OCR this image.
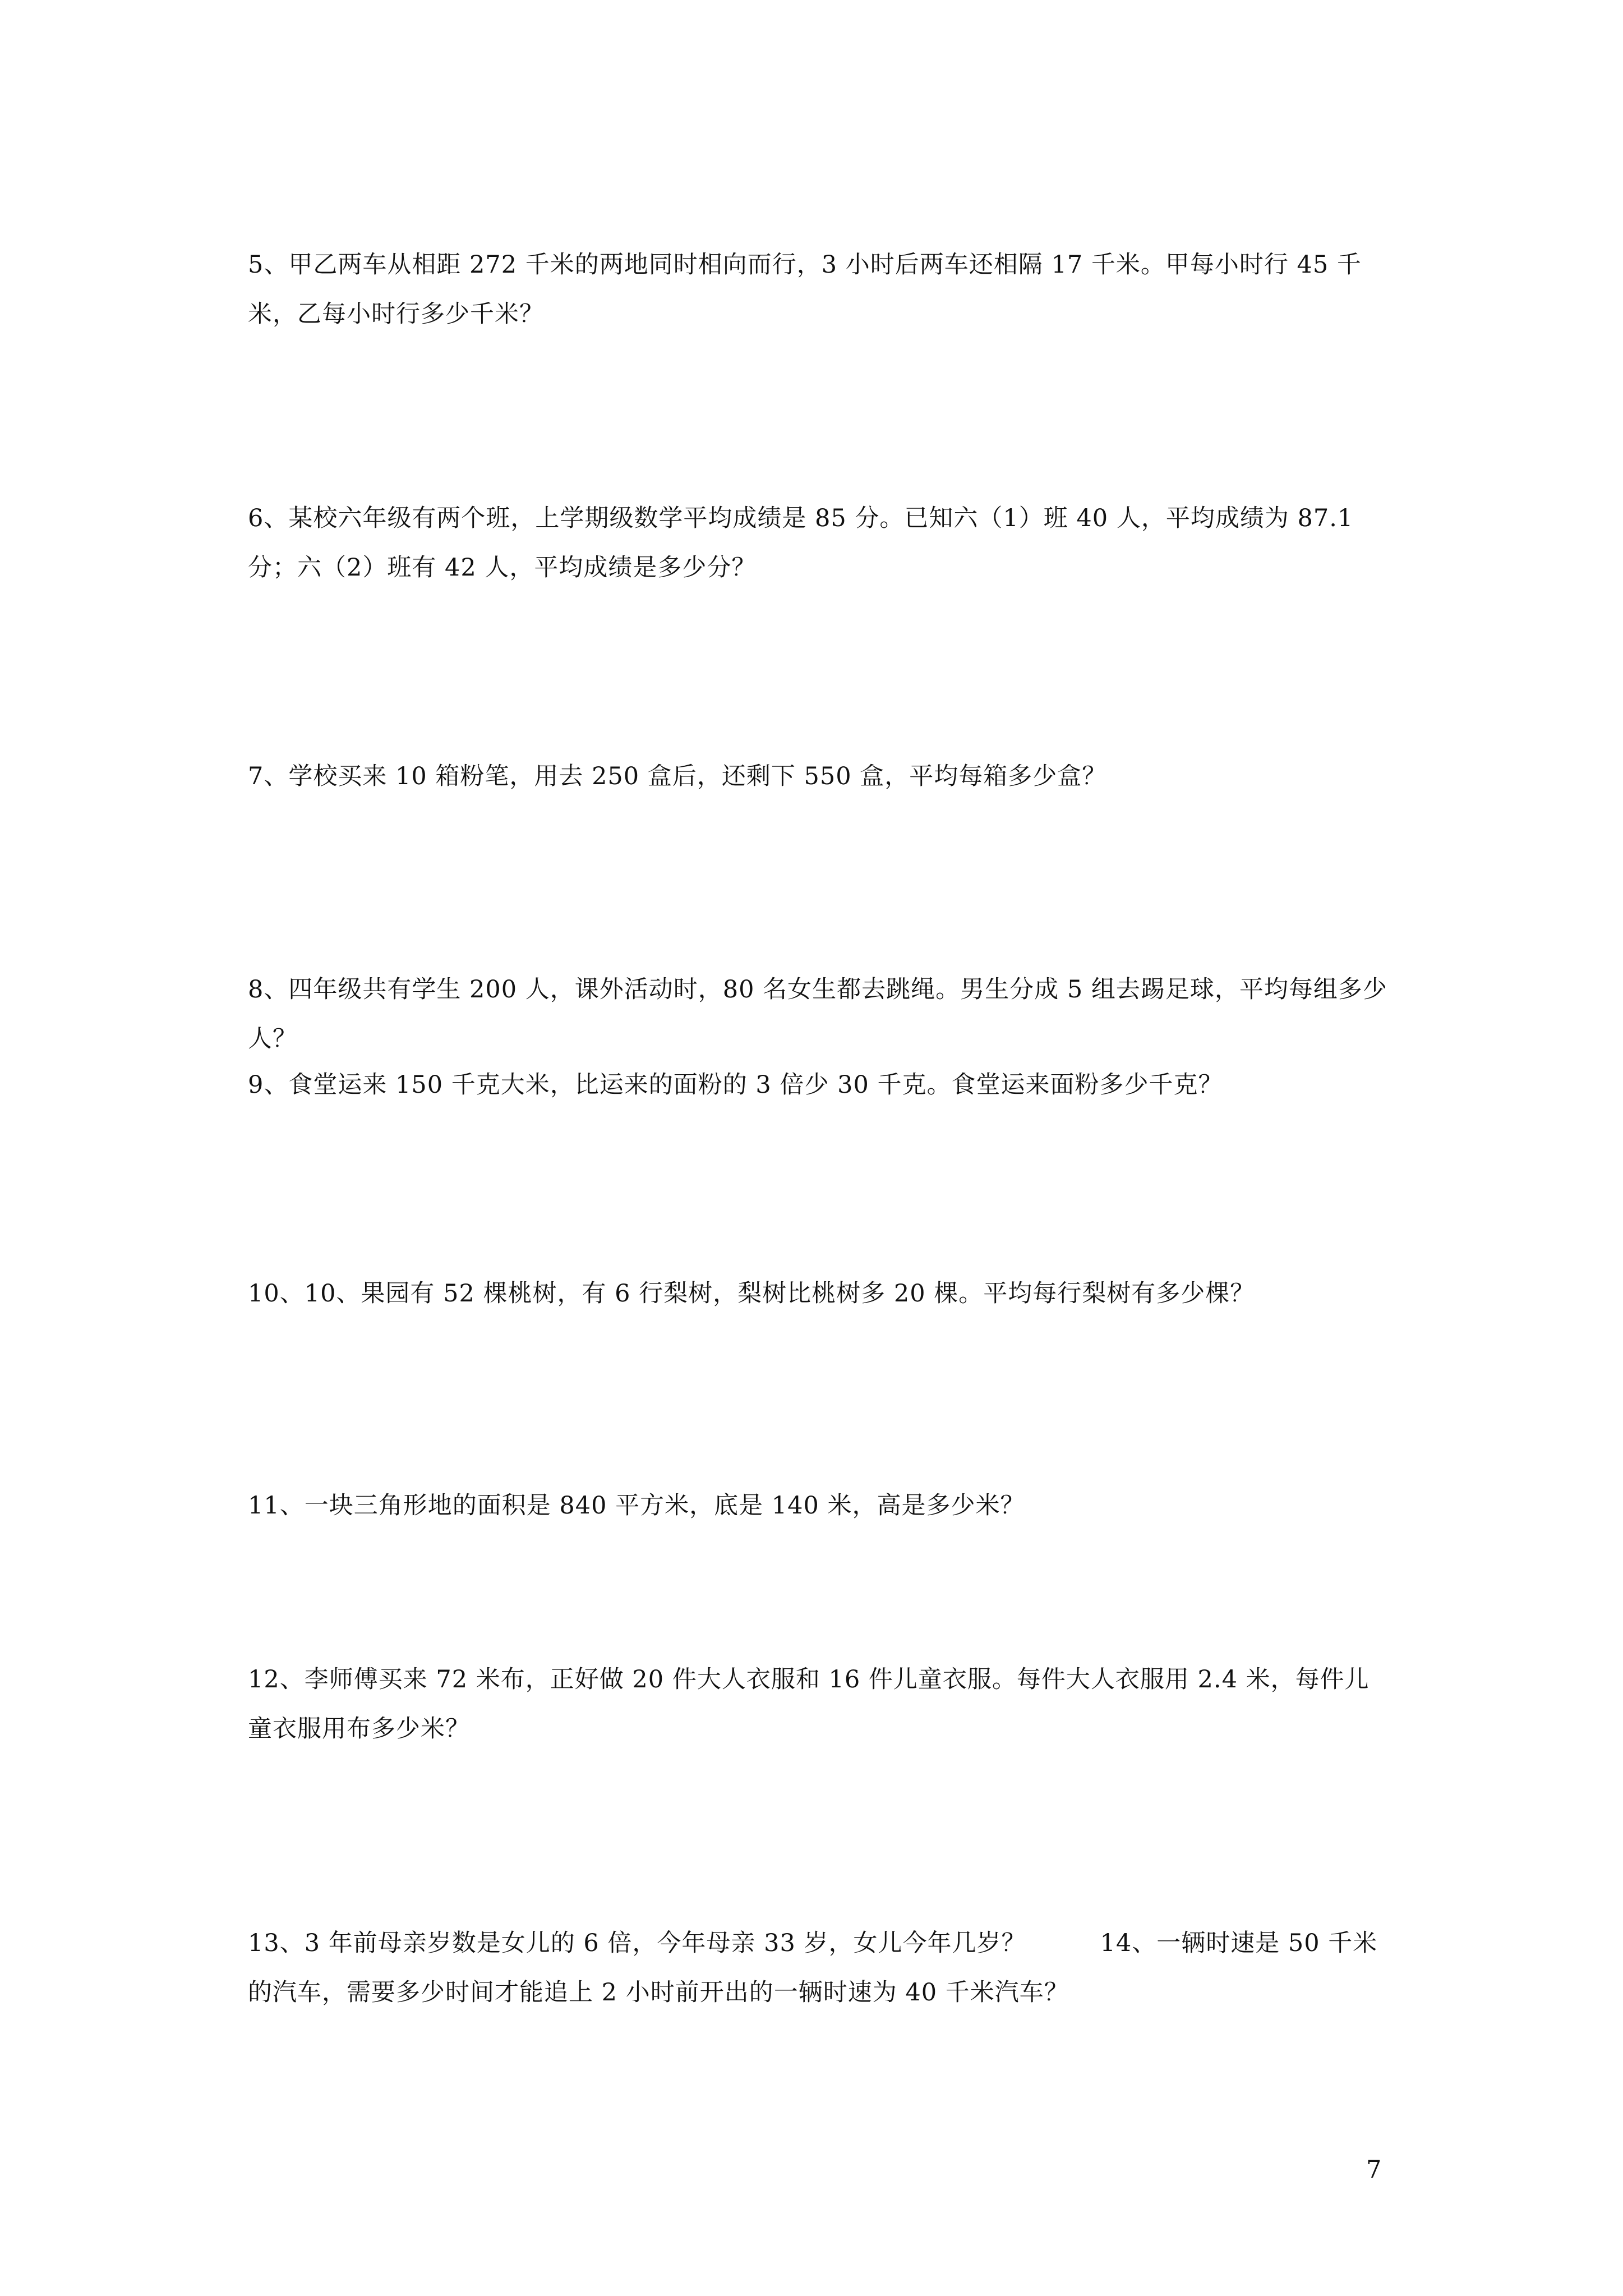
5、甲乙两车从相距 272 千米的两地同时相向而行，3 小时后两车还相隔 17 千米。甲每小时行 45 千米，乙每小时行多少千米？

6、某校六年级有两个班，上学期级数学平均成绩是 85 分。已知六（1）班 40 人，平均成绩为 87.1 分；六（2）班有 42 人，平均成绩是多少分？

7、学校买来 10 箱粉笔，用去 250 盒后，还剩下 550 盒，平均每箱多少盒？

8、四年级共有学生 200 人，课外活动时，80 名女生都去跳绳。男生分成 5 组去踢足球，平均每组多少人？

9、食堂运来 150 千克大米，比运来的面粉的 3 倍少 30 千克。食堂运来面粉多少千克？

10、10、果园有 52 棵桃树，有 6 行梨树，梨树比桃树多 20 棵。平均每行梨树有多少棵？

11、一块三角形地的面积是 840 平方米，底是 140 米，高是多少米？

12、李师傅买来 72 米布，正好做 20 件大人衣服和 16 件儿童衣服。每件大人衣服用 2.4 米，每件儿童衣服用布多少米？

13、3 年前母亲岁数是女儿的 6 倍，今年母亲 33 岁，女儿今年几岁？　　　14、一辆时速是 50 千米的汽车，需要多少时间才能追上 2 小时前开出的一辆时速为 40 千米汽车？

7
